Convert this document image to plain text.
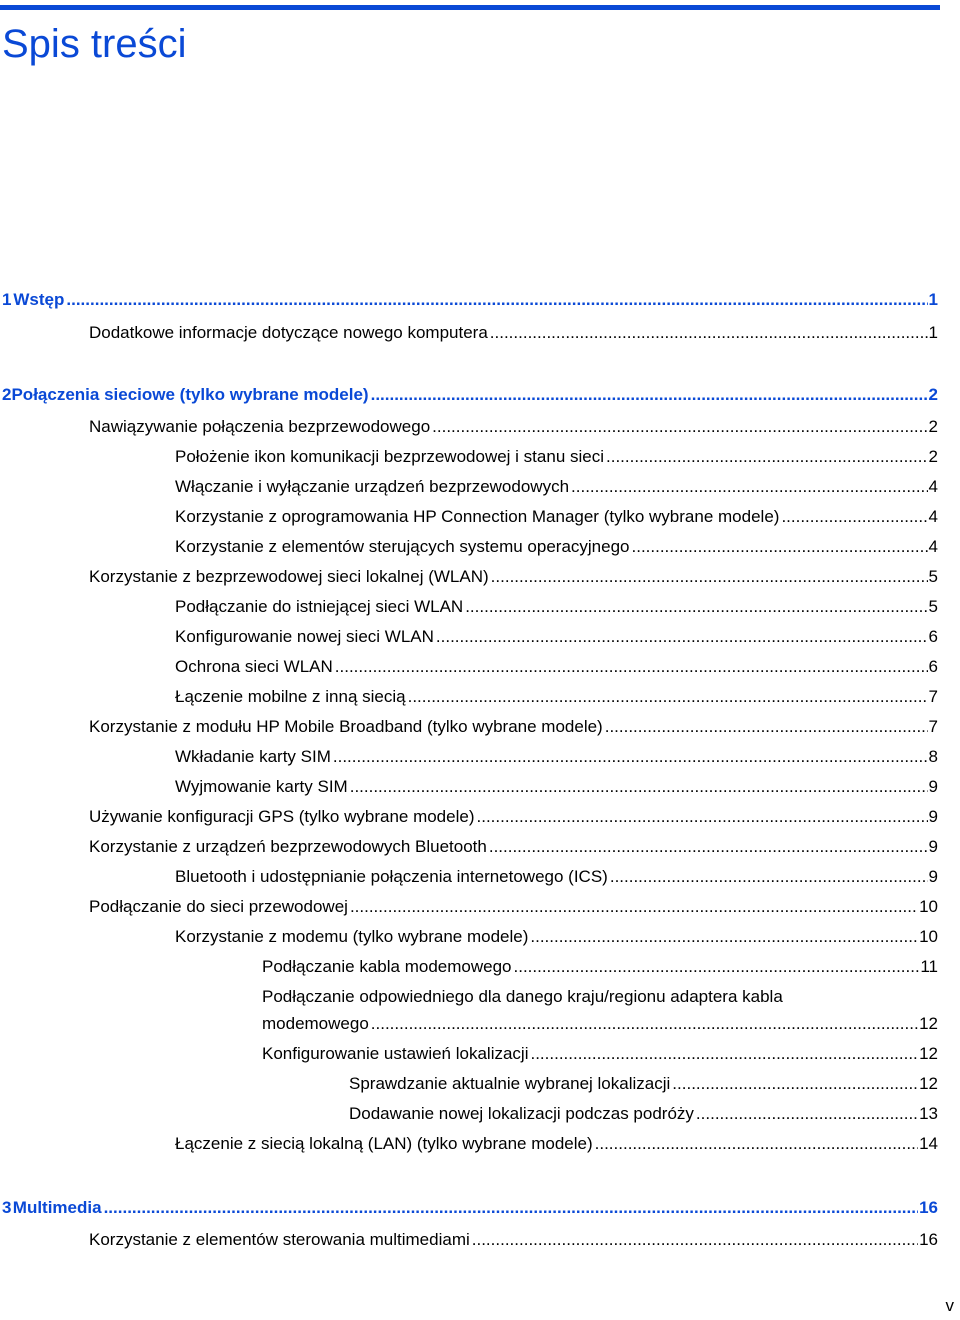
Spis treści
1 Wstęp .....	1
Dodatkowe informacje dotyczące nowego komputera .....	1
2 Połączenia sieciowe (tylko wybrane modele) .....	2
Nawiązywanie połączenia bezprzewodowego .....	2
Położenie ikon komunikacji bezprzewodowej i stanu sieci .....	2
Włączanie i wyłączanie urządzeń bezprzewodowych .....	4
Korzystanie z oprogramowania HP Connection Manager (tylko wybrane modele) .....	4
Korzystanie z elementów sterujących systemu operacyjnego .....	4
Korzystanie z bezprzewodowej sieci lokalnej (WLAN) .....	5
Podłączanie do istniejącej sieci WLAN .....	5
Konfigurowanie nowej sieci WLAN .....	6
Ochrona sieci WLAN .....	6
Łączenie mobilne z inną siecią .....	7
Korzystanie z modułu HP Mobile Broadband (tylko wybrane modele) .....	7
Wkładanie karty SIM .....	8
Wyjmowanie karty SIM .....	9
Używanie konfiguracji GPS (tylko wybrane modele) .....	9
Korzystanie z urządzeń bezprzewodowych Bluetooth .....	9
Bluetooth i udostępnianie połączenia internetowego (ICS) .....	9
Podłączanie do sieci przewodowej .....	10
Korzystanie z modemu (tylko wybrane modele) .....	10
Podłączanie kabla modemowego .....	11
Podłączanie odpowiedniego dla danego kraju/regionu adaptera kabla
modemowego .....	12
Konfigurowanie ustawień lokalizacji .....	12
Sprawdzanie aktualnie wybranej lokalizacji .....	12
Dodawanie nowej lokalizacji podczas podróży .....	13
Łączenie z siecią lokalną (LAN) (tylko wybrane modele) .....	14
3 Multimedia .....	16
Korzystanie z elementów sterowania multimediami .....	16
v
